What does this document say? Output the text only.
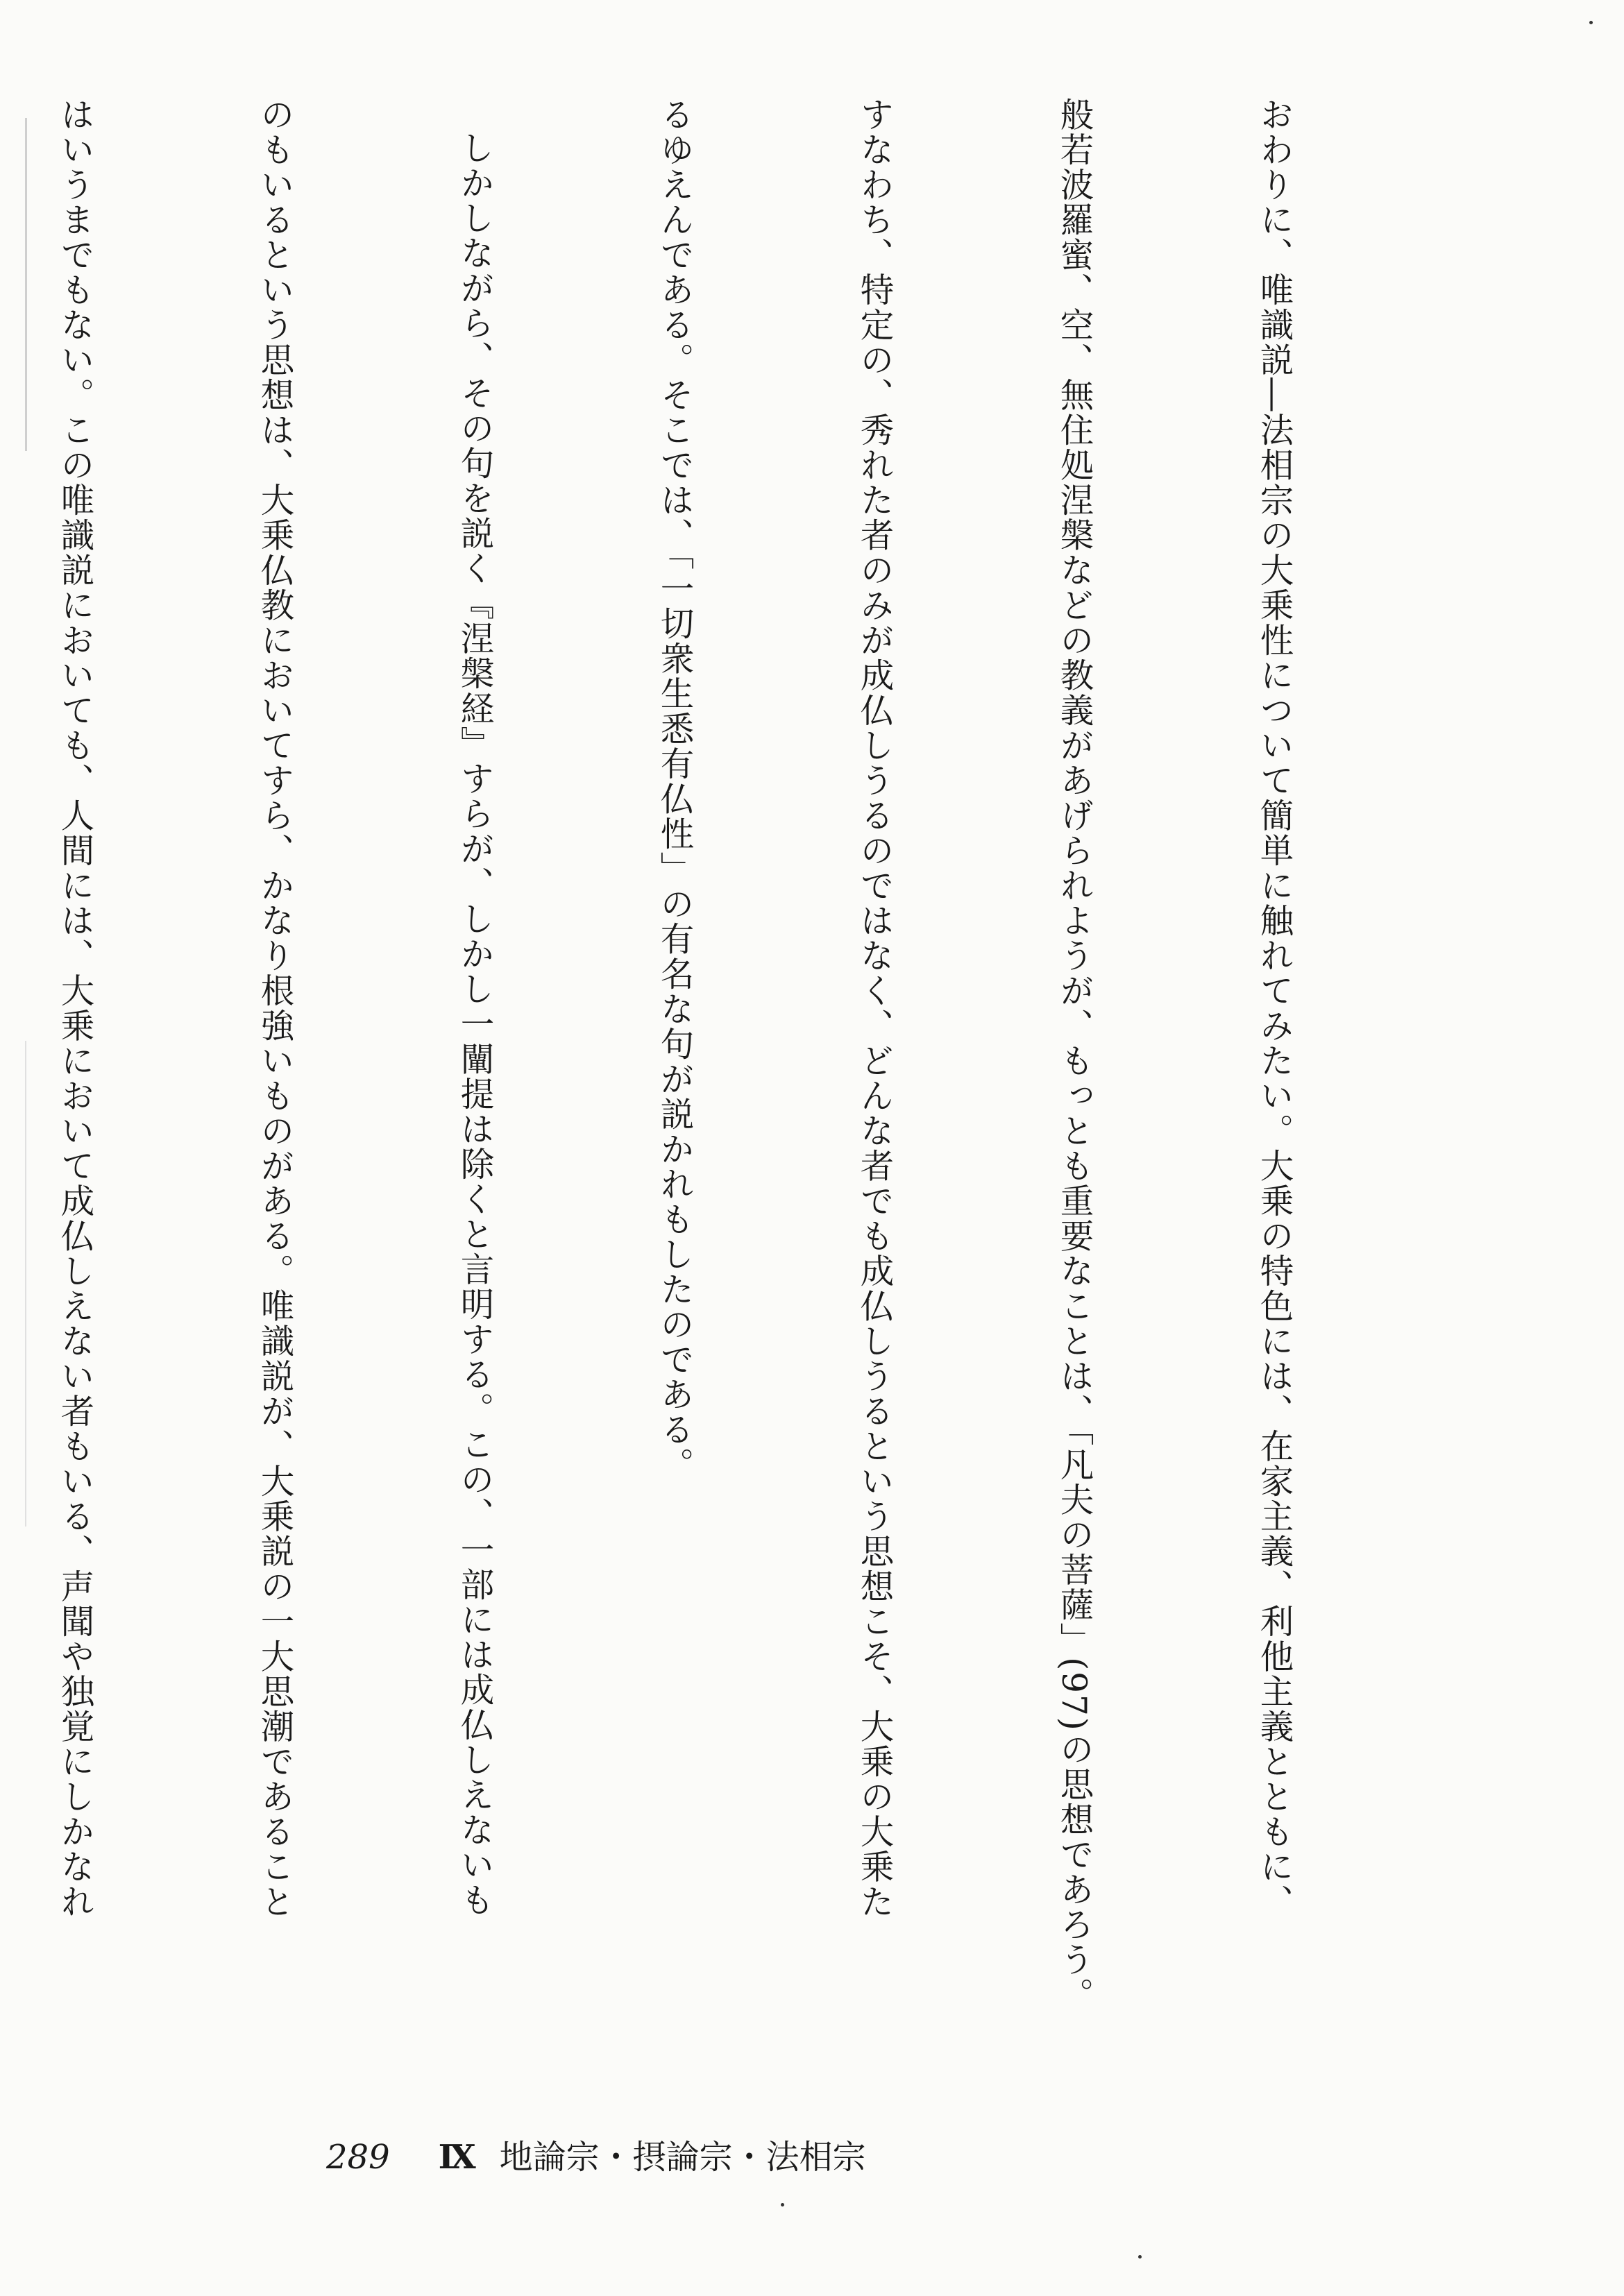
おわりに、唯識説―法相宗の大乗性について簡単に触れてみたい。大乗の特色には、在家主義、利他主義とともに、

般若波羅蜜、空、無住処涅槃などの教義があげられようが、もっとも重要なことは、「凡夫の菩薩」(97)の思想であろう。

すなわち、特定の、秀れた者のみが成仏しうるのではなく、どんな者でも成仏しうるという思想こそ、大乗の大乗た

るゆえんである。そこでは、「一切衆生悉有仏性」の有名な句が説かれもしたのである。

しかしながら、その句を説く『涅槃経』すらが、しかし一闡提は除くと言明する。この、一部には成仏しえないも

のもいるという思想は、大乗仏教においてすら、かなり根強いものがある。唯識説が、大乗説の一大思潮であること

はいうまでもない。この唯識説においても、人間には、大乗において成仏しえない者もいる、声聞や独覚にしかなれ

289 Ⅸ 地論宗・摂論宗・法相宗
